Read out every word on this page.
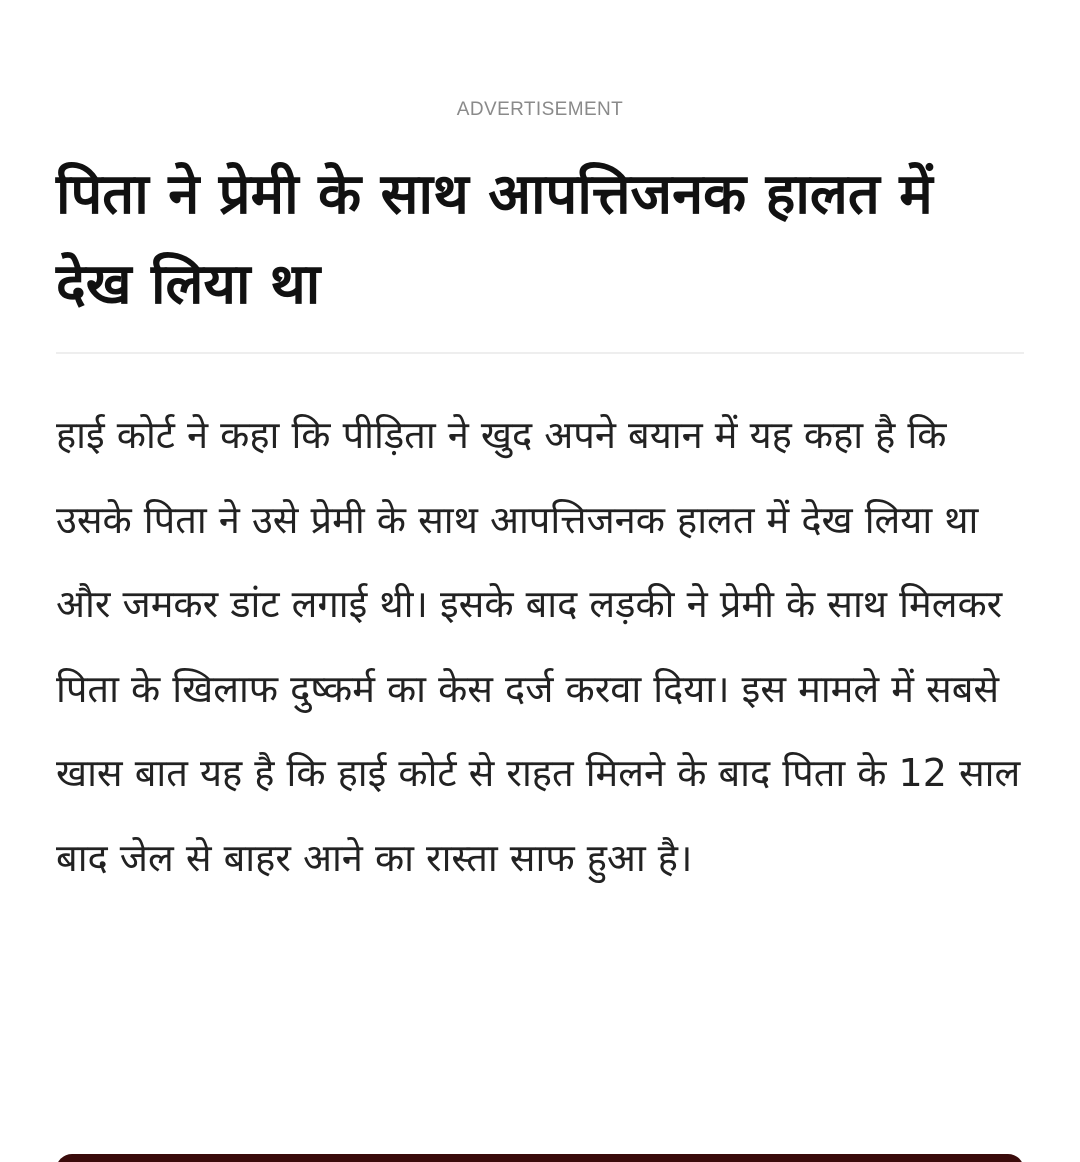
ADVERTISEMENT
पिता ने प्रेमी के साथ आपत्तिजनक हालत में देख लिया था

हाई कोर्ट ने कहा कि पीड़िता ने खुद अपने बयान में यह कहा है कि उसके पिता ने उसे प्रेमी के साथ आपत्तिजनक हालत में देख लिया था और जमकर डांट लगाई थी। इसके बाद लड़की ने प्रेमी के साथ मिलकर पिता के खिलाफ दुष्कर्म का केस दर्ज करवा दिया। इस मामले में सबसे खास बात यह है कि हाई कोर्ट से राहत मिलने के बाद पिता के 12 साल बाद जेल से बाहर आने का रास्ता साफ हुआ है।
